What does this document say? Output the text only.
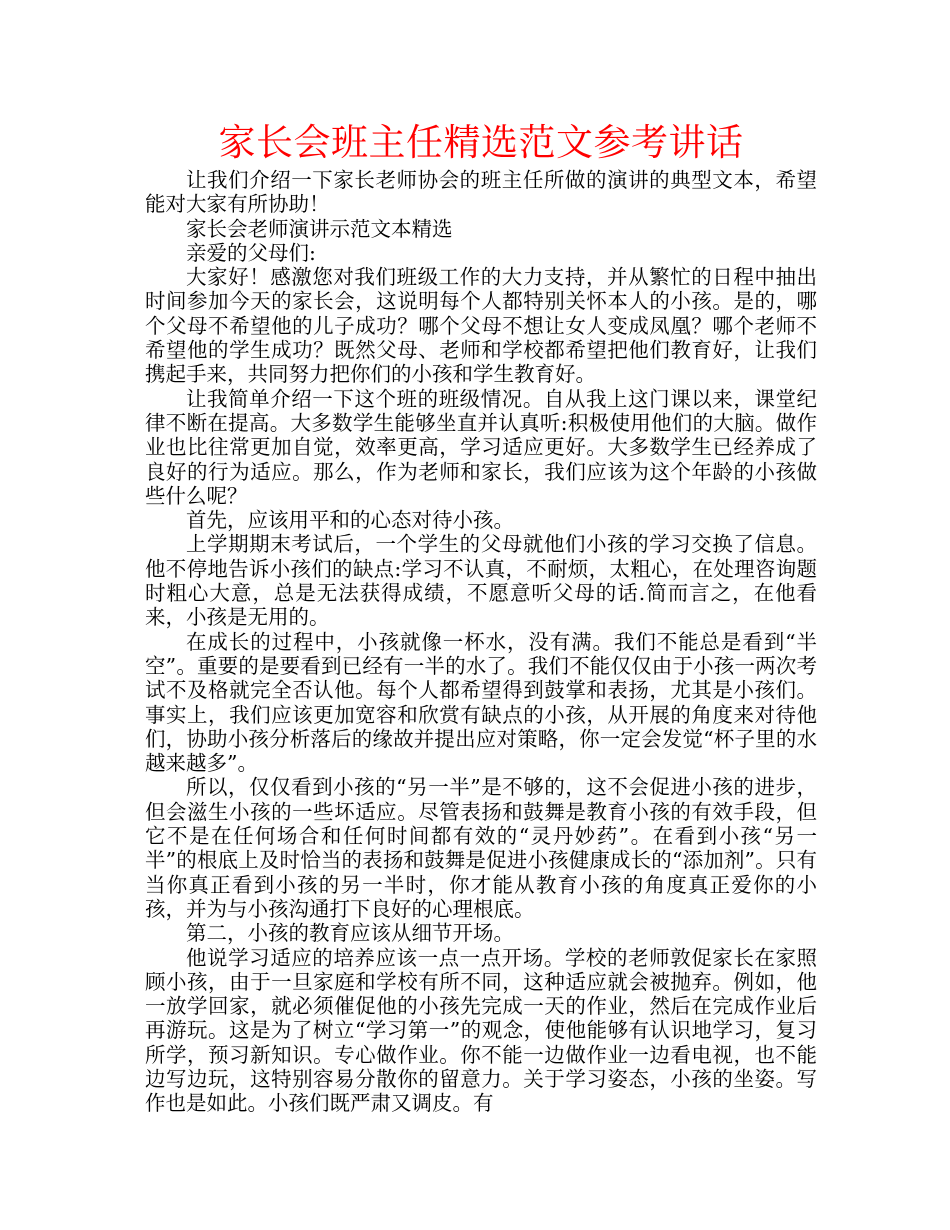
家长会班主任精选范文参考讲话

让我们介绍一下家长老师协会的班主任所做的演讲的典型文本，希望能对大家有所协助！

家长会老师演讲示范文本精选

亲爱的父母们:

大家好！感激您对我们班级工作的大力支持，并从繁忙的日程中抽出时间参加今天的家长会，这说明每个人都特别关怀本人的小孩。是的，哪个父母不希望他的儿子成功？哪个父母不想让女人变成凤凰？哪个老师不希望他的学生成功？既然父母、老师和学校都希望把他们教育好，让我们携起手来，共同努力把你们的小孩和学生教育好。

让我简单介绍一下这个班的班级情况。自从我上这门课以来，课堂纪律不断在提高。大多数学生能够坐直并认真听:积极使用他们的大脑。做作业也比往常更加自觉，效率更高，学习适应更好。大多数学生已经养成了良好的行为适应。那么，作为老师和家长，我们应该为这个年龄的小孩做些什么呢？

首先，应该用平和的心态对待小孩。

上学期期末考试后，一个学生的父母就他们小孩的学习交换了信息。他不停地告诉小孩们的缺点:学习不认真，不耐烦，太粗心，在处理咨询题时粗心大意，总是无法获得成绩，不愿意听父母的话.简而言之，在他看来，小孩是无用的。

在成长的过程中，小孩就像一杯水，没有满。我们不能总是看到“半空”。重要的是要看到已经有一半的水了。我们不能仅仅由于小孩一两次考试不及格就完全否认他。每个人都希望得到鼓掌和表扬，尤其是小孩们。事实上，我们应该更加宽容和欣赏有缺点的小孩，从开展的角度来对待他们，协助小孩分析落后的缘故并提出应对策略，你一定会发觉“杯子里的水越来越多”。

所以，仅仅看到小孩的“另一半”是不够的，这不会促进小孩的进步，但会滋生小孩的一些坏适应。尽管表扬和鼓舞是教育小孩的有效手段，但它不是在任何场合和任何时间都有效的“灵丹妙药”。在看到小孩“另一半”的根底上及时恰当的表扬和鼓舞是促进小孩健康成长的“添加剂”。只有当你真正看到小孩的另一半时，你才能从教育小孩的角度真正爱你的小孩，并为与小孩沟通打下良好的心理根底。

第二，小孩的教育应该从细节开场。

他说学习适应的培养应该一点一点开场。学校的老师敦促家长在家照顾小孩，由于一旦家庭和学校有所不同，这种适应就会被抛弃。例如，他一放学回家，就必须催促他的小孩先完成一天的作业，然后在完成作业后再游玩。这是为了树立“学习第一”的观念，使他能够有认识地学习，复习所学，预习新知识。专心做作业。你不能一边做作业一边看电视，也不能边写边玩，这特别容易分散你的留意力。关于学习姿态，小孩的坐姿。写作也是如此。小孩们既严肃又调皮。有
